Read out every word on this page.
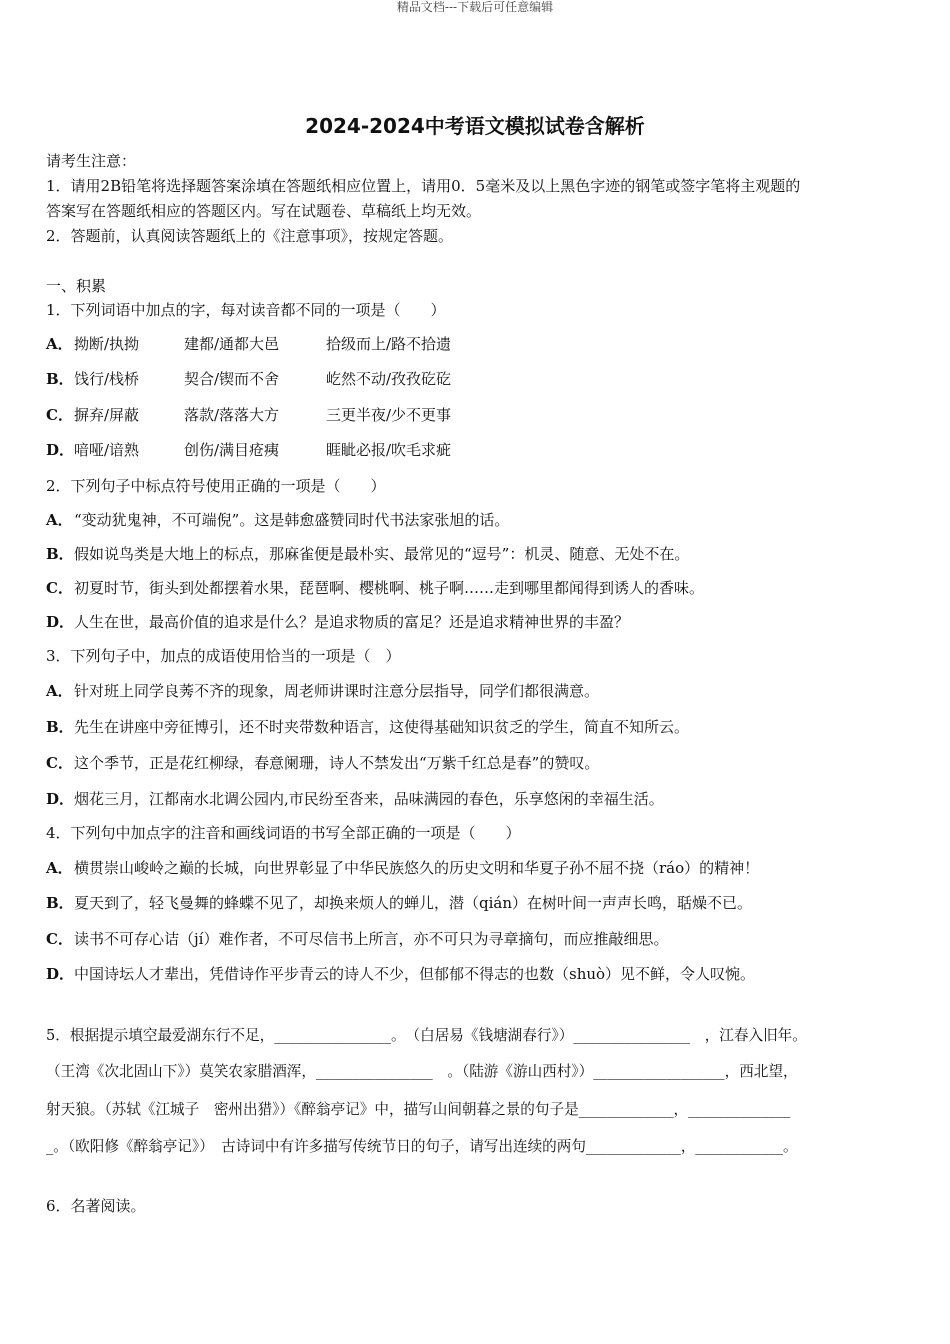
精品文档---下载后可任意编辑
2024-2024中考语文模拟试卷含解析
请考生注意：
1．请用2B铅笔将选择题答案涂填在答题纸相应位置上，请用0．5毫米及以上黑色字迹的钢笔或签字笔将主观题的
答案写在答题纸相应的答题区内。写在试题卷、草稿纸上均无效。
2．答题前，认真阅读答题纸上的《注意事项》，按规定答题。
一、积累
1．下列词语中加点的字，每对读音都不同的一项是（　　）
A． 拗断/执拗	建都/通都大邑	拾级而上/路不拾遗
B． 饯行/栈桥	契合/锲而不舍	屹然不动/孜孜矻矻
C． 摒弃/屏蔽	落款/落落大方	三更半夜/少不更事
D． 喑哑/谙熟	创伤/满目疮痍	睚眦必报/吹毛求疵
2．下列句子中标点符号使用正确的一项是（　　）
A．“变动犹鬼神，不可端倪”。这是韩愈盛赞同时代书法家张旭的话。
B．假如说鸟类是大地上的标点，那麻雀便是最朴实、最常见的“逗号”：机灵、随意、无处不在。
C．初夏时节，街头到处都摆着水果，琵琶啊、樱桃啊、桃子啊……走到哪里都闻得到诱人的香味。
D．人生在世，最高价值的追求是什么？是追求物质的富足？还是追求精神世界的丰盈？
3．下列句子中，加点的成语使用恰当的一项是（　）
A．针对班上同学良莠不齐的现象，周老师讲课时注意分层指导，同学们都很满意。
B．先生在讲座中旁征博引，还不时夹带数种语言，这使得基础知识贫乏的学生，简直不知所云。
C．这个季节，正是花红柳绿，春意阑珊，诗人不禁发出“万紫千红总是春”的赞叹。
D．烟花三月，江都南水北调公园内,市民纷至沓来，品味满园的春色，乐享悠闲的幸福生活。
4．下列句中加点字的注音和画线词语的书写全部正确的一项是（　　）
A．横贯崇山峻岭之巅的长城，向世界彰显了中华民族悠久的历史文明和华夏子孙不屈不挠（ráo）的精神！
B．夏天到了，轻飞曼舞的蜂蝶不见了，却换来烦人的蝉儿，潜（qián）在树叶间一声声长鸣，聒燥不已。
C．读书不可存心诘（jí）难作者，不可尽信书上所言，亦不可只为寻章摘句，而应推敲细思。
D．中国诗坛人才辈出，凭借诗作平步青云的诗人不少，但郁郁不得志的也数（shuò）见不鲜，令人叹惋。
5．根据提示填空最爱湖东行不足，________________。　（白居易《钱塘湖春行》）________________　，江春入旧年。
（王湾《次北固山下》）莫笑农家腊酒浑，________________　。（陆游《游山西村》）__________________，西北望，
射天狼。（苏轼《江城子　密州出猎》）《醉翁亭记》中，描写山间朝暮之景的句子是_____________，______________
_。（欧阳修《醉翁亭记》）　古诗词中有许多描写传统节日的句子，请写出连续的两句_____________，____________。
6．名著阅读。
